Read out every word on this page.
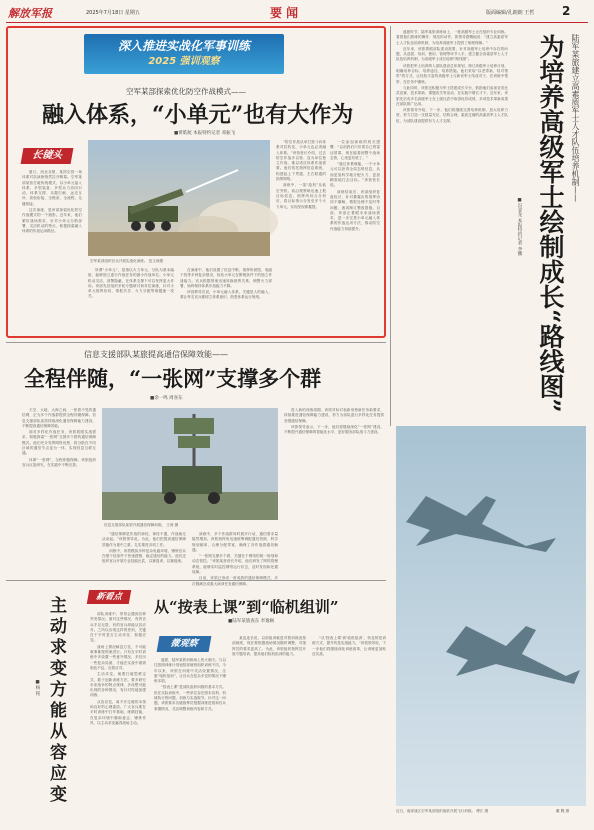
解放军报	2025年7月18日 星期五	要 闻	版面编辑/孔朗朗 王哲 2
深入推进实战化军事训练
2025 强训观察
空军某部探索优化防空作战模式——
融入体系，“小单元”也有大作为
■黄皓航 本报特约记者 邓振飞
长镜头

夏日，西北戈壁，某防空营一场体系对抗演练悄然拉开帷幕。空军某部某营打破传统模式，以小单元接入体系，多型装备、多型兵力协同行动，体系支撑、末端拦截、远近互补、高低衔接，全链条、全流程，无缝衔接。

这次演练，是该部探索优化防空作战模式的一个缩影。近年来，他们紧盯战场需求，针对小单元分散部署、灵活机动的特点，积极探索融入体系的作战运用路径。

空军某部组织官兵开展实战化演练。 范文涛摄

“防空作战从单打独斗向体系对抗转变，小单元也必须融入体系。”该营营长介绍，过去防空作战多以营、连为单位独立作战，难以适应体系作战需要。他们依托指挥信息系统，构建起上下贯通、左右联通的指挥网络。

演练中，一架“敌机”从低空突防。前沿观察哨迅速上报目标信息，指挥所综合分析后，将目标指示分发至多个火力单元，实现发现即摧毁。

一位参加演练的班长感慨：“以前我们只盯着自己的雷达屏幕，现在能看到整个战场态势，心里更有底了。”

“通过体系赋能，一个小单元可以获得全局态势信息，从而更加科学地分配火力、更加精准地打击目标。”该营营长说。

演练结束后，该部组织复盘检讨，针对暴露出的指挥协同不顺畅、情报处理不及时等问题，逐项制订整改措施。目前，该部正着眼未来战场需求，进一步完善小单元融入体系的作战运用方法，推动防空作战能力持续提升。

所谓“小单元”，是指以火力单元、分队为基本编组，能够独立遂行作战任务的最小作战单位。小单元机动灵活、部署隐蔽，在体系支撑下可以发挥更大作用。该部先后组织多轮专题研讨和对抗演练，针对小单元指挥协同、情报共享、火力分配等难题逐一攻关。

在演练中，他们设置了信息中断、指挥所被毁、电磁干扰等多种复杂情况，检验小单元在断链条件下的独立作战能力。官兵根据预案迅速转换指挥关系，调整火力部署，始终保持体系作战能力不降。

该营教导员说，小单元融入体系，关键是人的融入，要让每名官兵都树立体系意识，熟悉体系运行规则。

陆军某旅建立高素质军士人才队伍培养机制——
为培养高级军士绘制成长“路线图”
■冯金龙 本报特约记者 李鹏

盛夏时节，陆军某旅训练场上，一批高级军士正在组织专业训练。看着他们熟练的操作、规范的动作，旅领导感慨地说：“建立高素质军士人才队伍培养机制，为培养高级军士提供了制度保障。”

近年来，该旅着眼部队建设需要，针对高级军士培养中存在的问题，从选拔、培训、使用、管理等环节入手，建立健全高素质军士人才队伍培养机制，为高级军士成长绘制“路线图”。

该旅把军士培养纳入部队建设总体规划，制订高级军士培养计划，明确培养目标、培养途径、培养措施。他们采取“以老带新、结对帮带”的方式，让经验丰富的高级军士与新晋军士结成对子，在训练中帮带、在任务中锤炼。

与此同时，该旅还积极为军士搭建成长平台，鼓励他们参加各类比武竞赛、技术革新、课题攻关等活动，在实践中增长才干。近年来，该旅先后有多名高级军士在上级比武中取得优异成绩，多项技术革新成果在部队推广运用。

该旅领导介绍，下一步，他们将继续完善培养机制，加大培养力度，努力打造一支数量充足、结构合理、素质过硬的高素质军士人才队伍，为部队建设提供有力人才支撑。

近日，南部战区空军某部组织战机开展飞行训练。 傅江 摄	戴 腾 摄
信息支援部队某旅提高通信保障效能——
全程伴随，“一张网”支撑多个群
■余一鸣 周喜东

天空、大地、大海之间，一张看不见的通信网，正为多个作战群提供全程伴随保障。信息支援部队某旅持续深化通信保障能力建设，不断提高通信保障效能。

面对多样化作战任务，该旅着眼实战需求，积极探索“一张网”支撑多个群的通信保障模式。他们充分发挥网络优势，将分散在不同区域的通信节点连为一体，实现信息互联互通。

体系“一张网”，全程伴随保障。该旅组织官兵反复研究，在实践中不断完善。

信息支援部队某旅开展通信保障训练。 王涛 摄

进入新的训练周期，该旅对标对表新形势新任务新要求，持续推进通信保障能力建设，努力为部队遂行多样化任务提供坚强通信保障。

该旅领导表示，下一步，他们将继续深化“一张网”建设，不断提升通信保障的智能化水平，更好服务部队战斗力建设。

“通信保障是作战的神经，神经不通，作战就无从谈起。”该旅领导说。为此，他们把提高通信保障效能作为重中之重，扎实推进各项工作。

训练中，该旅模拟多种复杂电磁环境，锤炼官兵在强干扰条件下快速建链、稳定通信的能力。他们还组织官兵开展专业技能比武，以赛促训、以赛促练。

演练中，多个作战群同时展开行动，通信需求量陡然增加。该旅指挥所迅速统筹调配通信资源，科学规划频率，合理分配带宽，确保了各作战群通信畅通。

“一张网支撑多个群，关键在于网络的统一规划和动态管控。”该旅某营营长介绍，他们研发了网络管理系统，能够实时监控网络运行状态，及时发现和处置故障。

目前，该旅已形成一套成熟的通信保障模式，多次圆满完成重大演训任务通信保障。

新看点
主动求变方能从容应变
■杨 铭

部队训练中，常常会遇到各种突发情况。面对这些情况，有的官兵手足无措，有的官兵却能从容应对。之所以出现这样的差别，关键在于平时是否主动求变、积极应变。

战场上情况瞬息万变，不可能事事都按预案进行。只有在平时训练中多设置一些意外情况，多经历一些复杂局面，才能在实战中做到临危不乱、沉着应对。

主动求变，就要打破思维定式，敢于创新训练方法。要多研究未来战争的特点规律，多设想可能出现的各种情况，有针对性地加强训练。

从容应变，离不开过硬的本领和良好的心理素质。广大官兵要在平时训练中打牢基础、练精技能，在复杂环境中磨砺意志、锤炼作风，以主动求变赢得战场主动。

从“按表上课”到“临机组训”
■陆军某旅查东 李逸枫
微观察

盛夏，陆军某旅训练场上热火朝天。与以往按照训练计划表按部就班组织训练不同，今年以来，该旅在训练中灵活设置情况，注重“临机组训”，让官兵在复杂多变的情况下锤炼本领。

“按表上课”是部队组织训练的基本方式。但在实际训练中，一些单位存在照本宣科、机械执行的问题，训练与实战脱节。针对这一问题，该旅要求各级指挥员根据训练进展和官兵掌握情况，灵活调整训练内容和方式。

某连连长说，以前组训就是对着训练表按部就班，现在要根据战场情况随时调整，对指挥员的要求更高了。为此，该旅组织指挥员开展专题培训，提高他们临机组训的能力。

“从‘按表上课’到‘临机组训’，转变的是训练方式，提升的是实战能力。”该旅领导说，下一步他们将继续深化训练改革，让训练更加贴近实战。
